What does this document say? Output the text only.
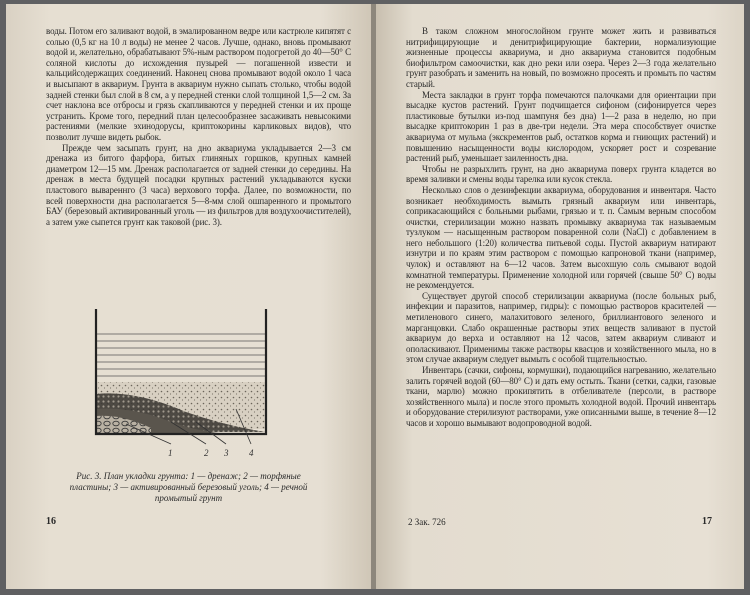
воды. Потом его заливают водой, в эмалированном ведре или кастрюле кипятят с солью (0,5 кг на 10 л воды) не менее 2 часов. Лучше, однако, вновь промывают водой и, желательно, обрабатывают 5%-ным раствором подогретой до 40—50° С соляной кислоты до исхождения пузырей — погашенной извести и кальцийсодержащих соединений. Наконец снова промывают водой около 1 часа и высыпают в аквариум. Грунта в аквариум нужно сыпать столько, чтобы водой задней стенки был слой в 8 см, а у передней стенки слой толщиной 1,5—2 см. За счет наклона все отбросы и грязь скапливаются у передней стенки и их проще устранить. Кроме того, передний план целесообразнее засаживать невысокими растениями (мелкие эхинодорусы, криптокорины карликовых видов), что позволит лучше видеть рыбок.

Прежде чем засыпать грунт, на дно аквариума укладывается 2—3 см дренажа из битого фарфора, битых глиняных горшков, крупных камней диаметром 12—15 мм. Дренаж располагается от задней стенки до середины. На дренаж в места будущей посадки крупных растений укладываются куски пластового вывареннго (3 часа) верхового торфа. Далее, по возможности, по всей поверхности дна располагается 5—8-мм слой ошпаренного и промытого БАУ (березовый активированный уголь — из фильтров для воздухоочистителей), а затем уже сыпется грунт как таковой (рис. 3).

1	2 3 4
Рис. 3. План укладки грунта: 1 — дренаж; 2 — торфяные пластины; 3 — активированный березовый уголь; 4 — речной промытый грунт
16

В таком сложном многослойном грунте может жить и развиваться нитрифицирующие и денитрифицирующие бактерии, нормализующие жизненные процессы аквариума, и дно аквариума становится подобным биофильтром самоочистки, как дно реки или озера. Через 2—3 года желательно грунт разобрать и заменить на новый, по возможно просеять и промыть по частям старый.

Места закладки в грунт торфа помечаются палочками для ориентации при высадке кустов растений. Грунт подчищается сифоном (сифонируется через пластиковые бутылки из-под шампуня без дна) 1—2 раза в неделю, но при высадке криптокорин 1 раз в две-три недели. Эта мера способствует очистке аквариума от мульма (экскрементов рыб, остатков корма и гниющих растений) и повышению насыщенности воды кислородом, ускоряет рост и созревание растений рыб, уменьшает заиленность дна.

Чтобы не разрыхлить грунт, на дно аквариума поверх грунта кладется во время заливки и смены воды тарелка или кусок стекла.

Несколько слов о дезинфекции аквариума, оборудования и инвентаря. Часто возникает необходимость вымыть грязный аквариум или инвентарь, соприкасающийся с больными рыбами, грязью и т. п. Самым верным способом очистки, стерилизации можно назвать промывку аквариума так называемым тузлуком — насыщенным раствором поваренной соли (NaCl) с добавлением в него небольшого (1:20) количества питьевой соды. Пустой аквариум натирают изнутри и по краям этим раствором с помощью капроновой ткани (например, чулок) и оставляют на 6—12 часов. Затем высохшую соль смывают водой комнатной температуры. Применение холодной или горячей (свыше 50° С) воды не рекомендуется.

Существует другой способ стерилизации аквариума (после больных рыб, инфекции и паразитов, например, гидры): с помощью растворов красителей — метиленового синего, малахитового зеленого, бриллиантового зеленого и марганцовки. Слабо окрашенные растворы этих веществ заливают в пустой аквариум до верха и оставляют на 12 часов, затем аквариум сливают и ополаскивают. Применимы также растворы квасцов и хозяйственного мыла, но в этом случае аквариум следует вымыть с особой тщательностью.

Инвентарь (сачки, сифоны, кормушки), подающийся нагреванию, желательно залить горячей водой (60—80° С) и дать ему остыть. Ткани (сетки, садки, газовые ткани, марлю) можно прокипятить в отбеливателе (персоли, в растворе хозяйственного мыла) и после этого промыть холодной водой. Прочий инвентарь и оборудование стерилизуют растворами, уже описанными выше, в течение 8—12 часов и хорошо вымывают водопроводной водой.

2 Зак. 726	17
